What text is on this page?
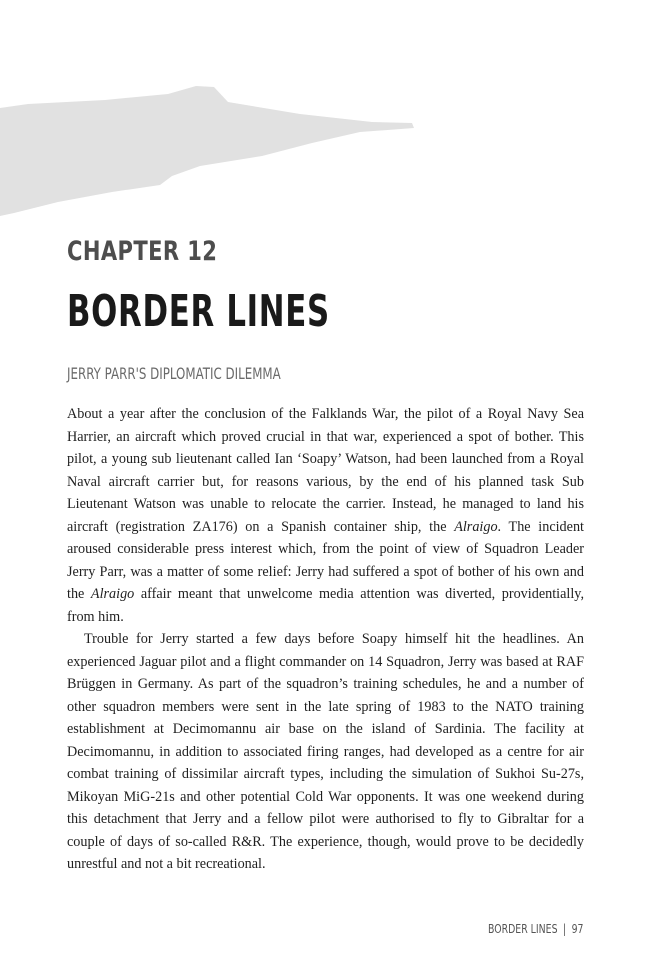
CHAPTER 12
BORDER LINES
JERRY PARR'S DIPLOMATIC DILEMMA

About a year after the conclusion of the Falklands War, the pilot of a Royal Navy Sea Harrier, an aircraft which proved crucial in that war, experienced a spot of bother. This pilot, a young sub lieutenant called Ian ‘Soapy’ Watson, had been launched from a Royal Naval aircraft carrier but, for reasons various, by the end of his planned task Sub Lieutenant Watson was unable to relocate the carrier. Instead, he managed to land his aircraft (registration ZA176) on a Spanish container ship, the Alraigo. The incident aroused considerable press interest which, from the point of view of Squadron Leader Jerry Parr, was a matter of some relief: Jerry had suffered a spot of bother of his own and the Alraigo affair meant that unwelcome media attention was diverted, providentially, from him.

Trouble for Jerry started a few days before Soapy himself hit the headlines. An experienced Jaguar pilot and a flight commander on 14 Squadron, Jerry was based at RAF Brüggen in Germany. As part of the squadron’s training schedules, he and a number of other squadron members were sent in the late spring of 1983 to the NATO training establishment at Decimomannu air base on the island of Sardinia. The facility at Decimomannu, in addition to associated firing ranges, had developed as a centre for air combat training of dissimilar aircraft types, including the simulation of Sukhoi Su-27s, Mikoyan MiG-21s and other potential Cold War opponents. It was one weekend during this detachment that Jerry and a fellow pilot were authorised to fly to Gibraltar for a couple of days of so-called R&R. The experience, though, would prove to be decidedly unrestful and not a bit recreational.

BORDER LINES | 97
